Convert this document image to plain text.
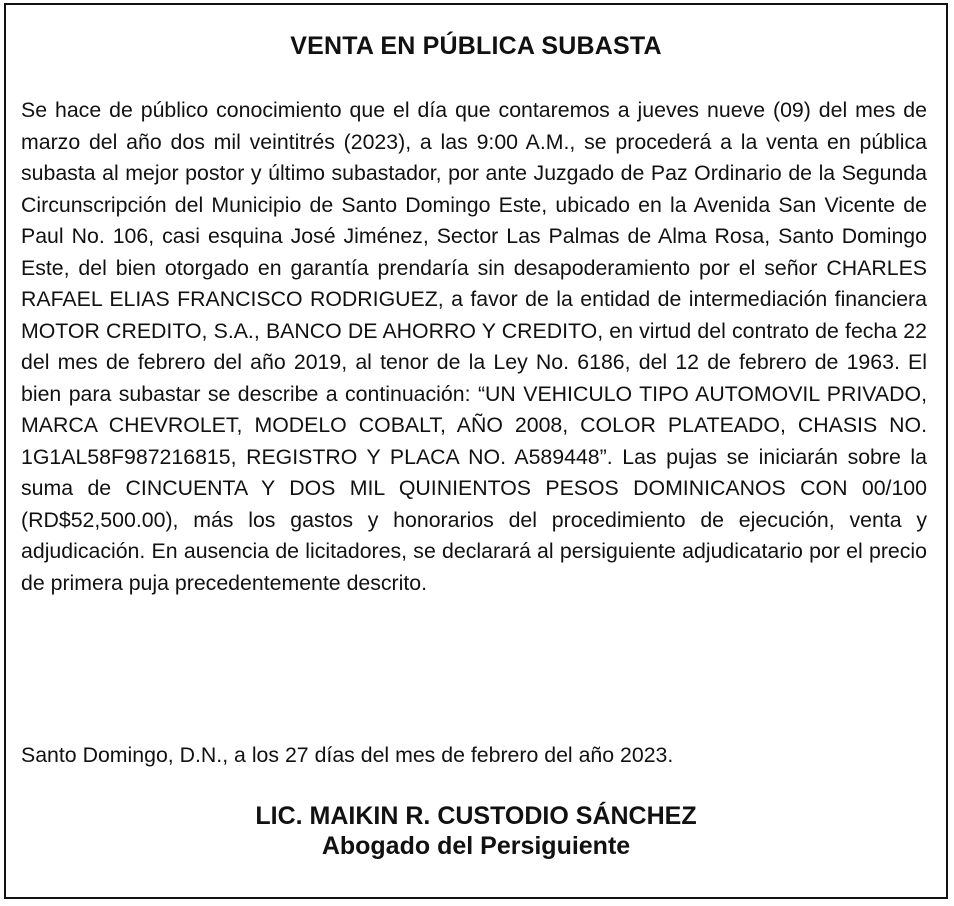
VENTA EN PÚBLICA SUBASTA
Se hace de público conocimiento que el día que contaremos a jueves nueve (09) del mes de marzo del año dos mil veintitrés (2023), a las 9:00 A.M., se procederá a la venta en pública subasta al mejor postor y último subastador, por ante Juzgado de Paz Ordinario de la Segunda Circunscripción del Municipio de Santo Domingo Este, ubicado en la Avenida San Vicente de Paul No. 106, casi esquina José Jiménez, Sector Las Palmas de Alma Rosa, Santo Domingo Este, del bien otorgado en garantía prendaría sin desapoderamiento por el señor CHARLES RAFAEL ELIAS FRANCISCO RODRIGUEZ, a favor de la entidad de intermediación financiera MOTOR CREDITO, S.A., BANCO DE AHORRO Y CREDITO, en virtud del contrato de fecha 22 del mes de febrero del año 2019, al tenor de la Ley No. 6186, del 12 de febrero de 1963. El bien para subastar se describe a continuación: “UN VEHICULO TIPO AUTOMOVIL PRIVADO, MARCA CHEVROLET, MODELO COBALT, AÑO 2008, COLOR PLATEADO, CHASIS NO. 1G1AL58F987216815, REGISTRO Y PLACA NO. A589448”. Las pujas se iniciarán sobre la suma de CINCUENTA Y DOS MIL QUINIENTOS PESOS DOMINICANOS CON 00/100 (RD$52,500.00), más los gastos y honorarios del procedimiento de ejecución, venta y adjudicación. En ausencia de licitadores, se declarará al persiguiente adjudicatario por el precio de primera puja precedentemente descrito.
Santo Domingo, D.N., a los 27 días del mes de febrero del año 2023.
LIC. MAIKIN R. CUSTODIO SÁNCHEZ
Abogado del Persiguiente
